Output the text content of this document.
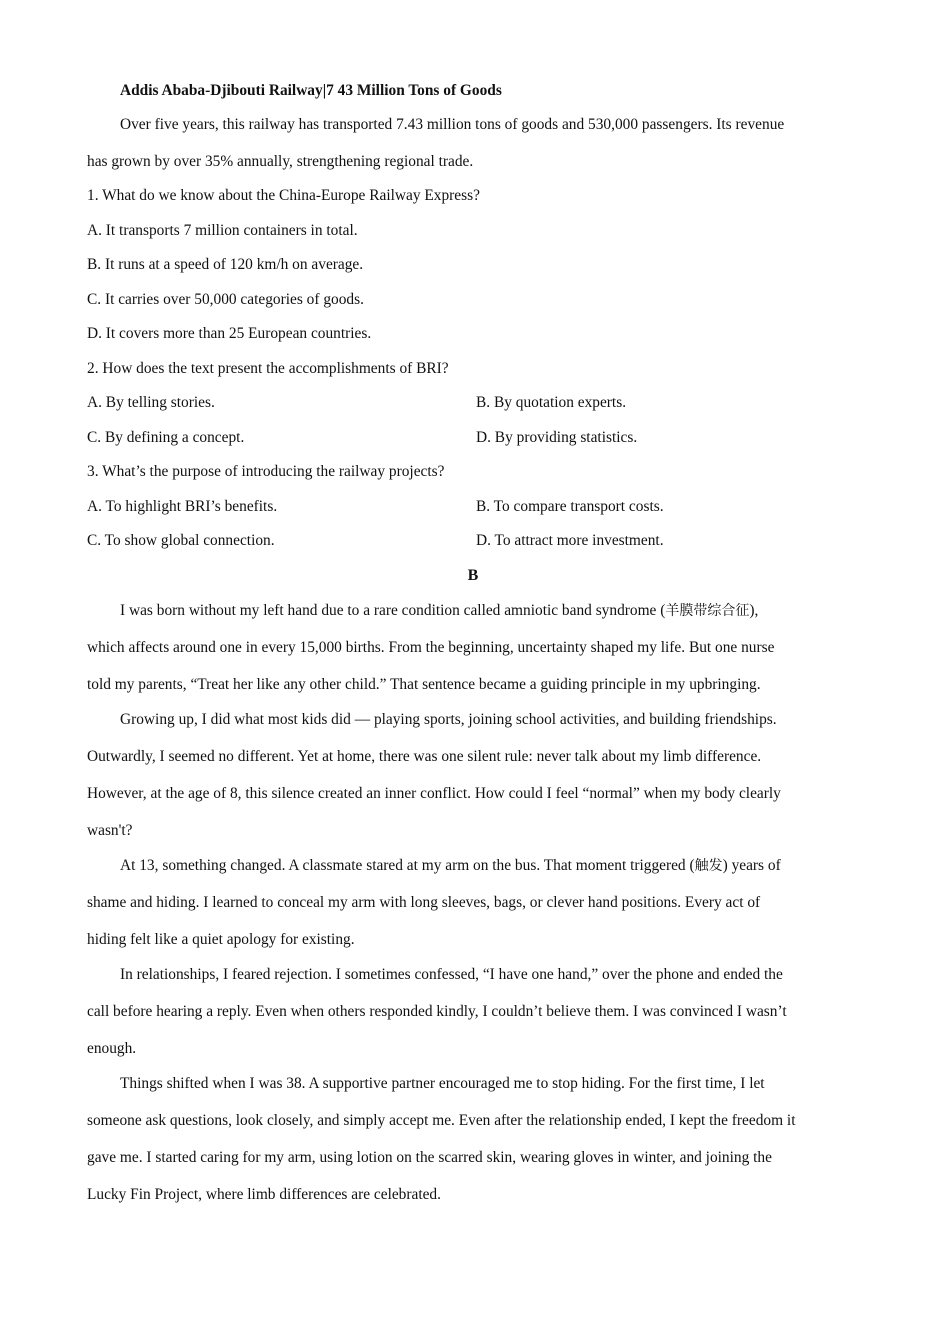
Addis Ababa-Djibouti Railway|7 43 Million Tons of Goods
Over five years, this railway has transported 7.43 million tons of goods and 530,000 passengers. Its revenue
has grown by over 35% annually, strengthening regional trade.
1. What do we know about the China-Europe Railway Express?
A. It transports 7 million containers in total.
B. It runs at a speed of 120 km/h on average.
C. It carries over 50,000 categories of goods.
D. It covers more than 25 European countries.
2. How does the text present the accomplishments of BRI?
A. By telling stories.	B. By quotation experts.
C. By defining a concept.	D. By providing statistics.
3. What’s the purpose of introducing the railway projects?
A. To highlight BRI’s benefits.	B. To compare transport costs.
C. To show global connection.	D. To attract more investment.
B
I was born without my left hand due to a rare condition called amniotic band syndrome (羊膜带综合征),
which affects around one in every 15,000 births. From the beginning, uncertainty shaped my life. But one nurse
told my parents, “Treat her like any other child.” That sentence became a guiding principle in my upbringing.
Growing up, I did what most kids did — playing sports, joining school activities, and building friendships.
Outwardly, I seemed no different. Yet at home, there was one silent rule: never talk about my limb difference.
However, at the age of 8, this silence created an inner conflict. How could I feel “normal” when my body clearly
wasn't?
At 13, something changed. A classmate stared at my arm on the bus. That moment triggered (触发) years of
shame and hiding. I learned to conceal my arm with long sleeves, bags, or clever hand positions. Every act of
hiding felt like a quiet apology for existing.
In relationships, I feared rejection. I sometimes confessed, “I have one hand,” over the phone and ended the
call before hearing a reply. Even when others responded kindly, I couldn’t believe them. I was convinced I wasn’t
enough.
Things shifted when I was 38. A supportive partner encouraged me to stop hiding. For the first time, I let
someone ask questions, look closely, and simply accept me. Even after the relationship ended, I kept the freedom it
gave me. I started caring for my arm, using lotion on the scarred skin, wearing gloves in winter, and joining the
Lucky Fin Project, where limb differences are celebrated.
